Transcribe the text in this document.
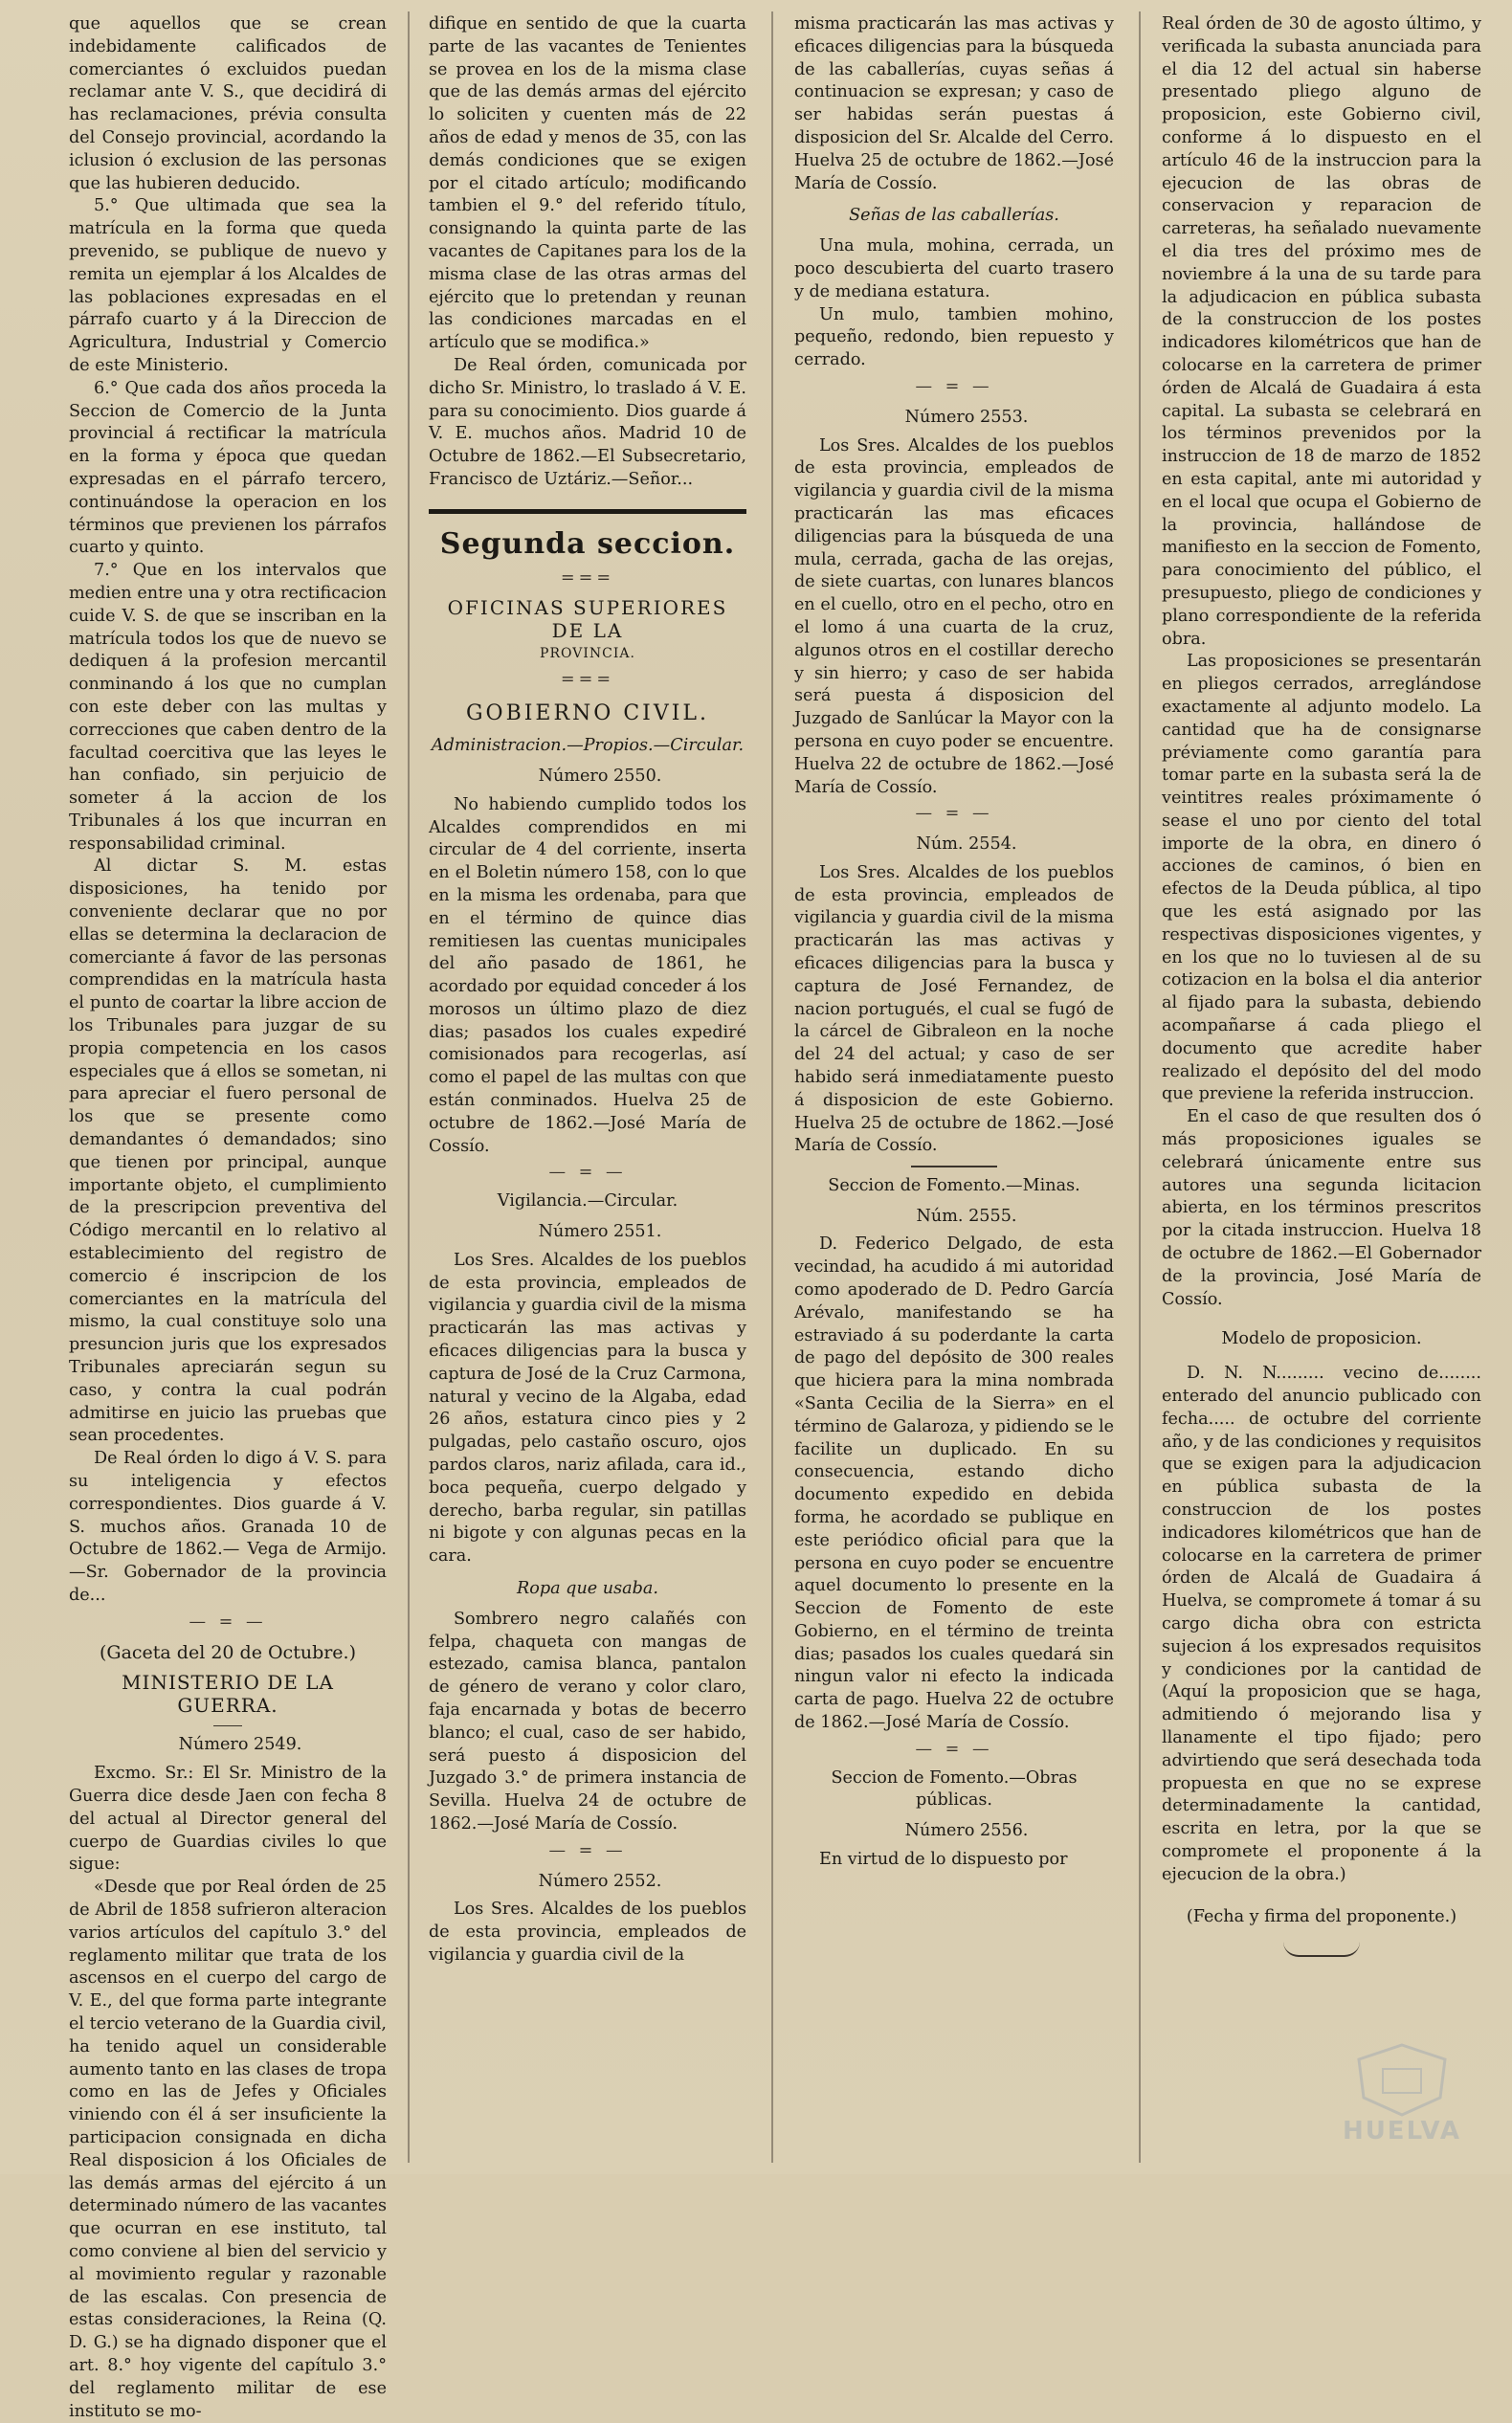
que aquellos que se crean indebidamente calificados de comerciantes ó excluidos puedan reclamar ante V. S., que decidirá di has reclamaciones, prévia consulta del Consejo provincial, acordando la iclusion ó exclusion de las personas que las hubieren deducido.

5.° Que ultimada que sea la matrícula en la forma que queda prevenido, se publique de nuevo y remita un ejemplar á los Alcaldes de las poblaciones expresadas en el párrafo cuarto y á la Direccion de Agricultura, Industrial y Comercio de este Ministerio.

6.° Que cada dos años proceda la Seccion de Comercio de la Junta provincial á rectificar la matrícula en la forma y época que quedan expresadas en el párrafo tercero, continuándose la operacion en los términos que previenen los párrafos cuarto y quinto.

7.° Que en los intervalos que medien entre una y otra rectificacion cuide V. S. de que se inscriban en la matrícula todos los que de nuevo se dediquen á la profesion mercantil conminando á los que no cumplan con este deber con las multas y correcciones que caben dentro de la facultad coercitiva que las leyes le han confiado, sin perjuicio de someter á la accion de los Tribunales á los que incurran en responsabilidad criminal.

Al dictar S. M. estas disposiciones, ha tenido por conveniente declarar que no por ellas se determina la declaracion de comerciante á favor de las personas comprendidas en la matrícula hasta el punto de coartar la libre accion de los Tribunales para juzgar de su propia competencia en los casos especiales que á ellos se sometan, ni para apreciar el fuero personal de los que se presente como demandantes ó demandados; sino que tienen por principal, aunque importante objeto, el cumplimiento de la prescripcion preventiva del Código mercantil en lo relativo al establecimiento del registro de comercio é inscripcion de los comerciantes en la matrícula del mismo, la cual constituye solo una presuncion juris que los expresados Tribunales apreciarán segun su caso, y contra la cual podrán admitirse en juicio las pruebas que sean procedentes.

De Real órden lo digo á V. S. para su inteligencia y efectos correspondientes. Dios guarde á V. S. muchos años. Granada 10 de Octubre de 1862.— Vega de Armijo.—Sr. Gobernador de la provincia de...

— = —
(Gaceta del 20 de Octubre.)
MINISTERIO DE LA GUERRA.

Número 2549.

Excmo. Sr.: El Sr. Ministro de la Guerra dice desde Jaen con fecha 8 del actual al Director general del cuerpo de Guardias civiles lo que sigue:

«Desde que por Real órden de 25 de Abril de 1858 sufrieron alteracion varios artículos del capítulo 3.° del reglamento militar que trata de los ascensos en el cuerpo del cargo de V. E., del que forma parte integrante el tercio veterano de la Guardia civil, ha tenido aquel un considerable aumento tanto en las clases de tropa como en las de Jefes y Oficiales viniendo con él á ser insuficiente la participacion consignada en dicha Real disposicion á los Oficiales de las demás armas del ejército á un determinado número de las vacantes que ocurran en ese instituto, tal como conviene al bien del servicio y al movimiento regular y razonable de las escalas. Con presencia de estas consideraciones, la Reina (Q. D. G.) se ha dignado disponer que el art. 8.° hoy vigente del capítulo 3.° del reglamento militar de ese instituto se mo-

difique en sentido de que la cuarta parte de las vacantes de Tenientes se provea en los de la misma clase que de las demás armas del ejército lo soliciten y cuenten más de 22 años de edad y menos de 35, con las demás condiciones que se exigen por el citado artículo; modificando tambien el 9.° del referido título, consignando la quinta parte de las vacantes de Capitanes para los de la misma clase de las otras armas del ejército que lo pretendan y reunan las condiciones marcadas en el artículo que se modifica.»

De Real órden, comunicada por dicho Sr. Ministro, lo traslado á V. E. para su conocimiento. Dios guarde á V. E. muchos años. Madrid 10 de Octubre de 1862.—El Subsecretario, Francisco de Uztáriz.—Señor...

Segunda seccion.
===
OFICINAS SUPERIORES DE LA
PROVINCIA.
===
GOBIERNO CIVIL.
Administracion.—Propios.—Circular.

Número 2550.

No habiendo cumplido todos los Alcaldes comprendidos en mi circular de 4 del corriente, inserta en el Boletin número 158, con lo que en la misma les ordenaba, para que en el término de quince dias remitiesen las cuentas municipales del año pasado de 1861, he acordado por equidad conceder á los morosos un último plazo de diez dias; pasados los cuales expediré comisionados para recogerlas, así como el papel de las multas con que están conminados. Huelva 25 de octubre de 1862.—José María de Cossío.

— = —
Vigilancia.—Circular.

Número 2551.

Los Sres. Alcaldes de los pueblos de esta provincia, empleados de vigilancia y guardia civil de la misma practicarán las mas activas y eficaces diligencias para la busca y captura de José de la Cruz Carmona, natural y vecino de la Algaba, edad 26 años, estatura cinco pies y 2 pulgadas, pelo castaño oscuro, ojos pardos claros, nariz afilada, cara id., boca pequeña, cuerpo delgado y derecho, barba regular, sin patillas ni bigote y con algunas pecas en la cara.

Ropa que usaba.

Sombrero negro calañés con felpa, chaqueta con mangas de estezado, camisa blanca, pantalon de género de verano y color claro, faja encarnada y botas de becerro blanco; el cual, caso de ser habido, será puesto á disposicion del Juzgado 3.° de primera instancia de Sevilla. Huelva 24 de octubre de 1862.—José María de Cossío.

— = —

Número 2552.

Los Sres. Alcaldes de los pueblos de esta provincia, empleados de vigilancia y guardia civil de la

misma practicarán las mas activas y eficaces diligencias para la búsqueda de las caballerías, cuyas señas á continuacion se expresan; y caso de ser habidas serán puestas á disposicion del Sr. Alcalde del Cerro. Huelva 25 de octubre de 1862.—José María de Cossío.

Señas de las caballerías.

Una mula, mohina, cerrada, un poco descubierta del cuarto trasero y de mediana estatura.

Un mulo, tambien mohino, pequeño, redondo, bien repuesto y cerrado.

— = —

Número 2553.

Los Sres. Alcaldes de los pueblos de esta provincia, empleados de vigilancia y guardia civil de la misma practicarán las mas eficaces diligencias para la búsqueda de una mula, cerrada, gacha de las orejas, de siete cuartas, con lunares blancos en el cuello, otro en el pecho, otro en el lomo á una cuarta de la cruz, algunos otros en el costillar derecho y sin hierro; y caso de ser habida será puesta á disposicion del Juzgado de Sanlúcar la Mayor con la persona en cuyo poder se encuentre. Huelva 22 de octubre de 1862.—José María de Cossío.

— = —

Núm. 2554.

Los Sres. Alcaldes de los pueblos de esta provincia, empleados de vigilancia y guardia civil de la misma practicarán las mas activas y eficaces diligencias para la busca y captura de José Fernandez, de nacion portugués, el cual se fugó de la cárcel de Gibraleon en la noche del 24 del actual; y caso de ser habido será inmediatamente puesto á disposicion de este Gobierno. Huelva 25 de octubre de 1862.—José María de Cossío.

Seccion de Fomento.—Minas.

Núm. 2555.

D. Federico Delgado, de esta vecindad, ha acudido á mi autoridad como apoderado de D. Pedro García Arévalo, manifestando se ha estraviado á su poderdante la carta de pago del depósito de 300 reales que hiciera para la mina nombrada «Santa Cecilia de la Sierra» en el término de Galaroza, y pidiendo se le facilite un duplicado. En su consecuencia, estando dicho documento expedido en debida forma, he acordado se publique en este periódico oficial para que la persona en cuyo poder se encuentre aquel documento lo presente en la Seccion de Fomento de este Gobierno, en el término de treinta dias; pasados los cuales quedará sin ningun valor ni efecto la indicada carta de pago. Huelva 22 de octubre de 1862.—José María de Cossío.

— = —
Seccion de Fomento.—Obras públicas.

Número 2556.

En virtud de lo dispuesto por

Real órden de 30 de agosto último, y verificada la subasta anunciada para el dia 12 del actual sin haberse presentado pliego alguno de proposicion, este Gobierno civil, conforme á lo dispuesto en el artículo 46 de la instruccion para la ejecucion de las obras de conservacion y reparacion de carreteras, ha señalado nuevamente el dia tres del próximo mes de noviembre á la una de su tarde para la adjudicacion en pública subasta de la construccion de los postes indicadores kilométricos que han de colocarse en la carretera de primer órden de Alcalá de Guadaira á esta capital. La subasta se celebrará en los términos prevenidos por la instruccion de 18 de marzo de 1852 en esta capital, ante mi autoridad y en el local que ocupa el Gobierno de la provincia, hallándose de manifiesto en la seccion de Fomento, para conocimiento del público, el presupuesto, pliego de condiciones y plano correspondiente de la referida obra.

Las proposiciones se presentarán en pliegos cerrados, arreglándose exactamente al adjunto modelo. La cantidad que ha de consignarse préviamente como garantía para tomar parte en la subasta será la de veintitres reales próximamente ó sease el uno por ciento del total importe de la obra, en dinero ó acciones de caminos, ó bien en efectos de la Deuda pública, al tipo que les está asignado por las respectivas disposiciones vigentes, y en los que no lo tuviesen al de su cotizacion en la bolsa el dia anterior al fijado para la subasta, debiendo acompañarse á cada pliego el documento que acredite haber realizado el depósito del del modo que previene la referida instruccion.

En el caso de que resulten dos ó más proposiciones iguales se celebrará únicamente entre sus autores una segunda licitacion abierta, en los términos prescritos por la citada instruccion. Huelva 18 de octubre de 1862.—El Gobernador de la provincia, José María de Cossío.

Modelo de proposicion.

D. N. N......... vecino de........ enterado del anuncio publicado con fecha..... de octubre del corriente año, y de las condiciones y requisitos que se exigen para la adjudicacion en pública subasta de la construccion de los postes indicadores kilométricos que han de colocarse en la carretera de primer órden de Alcalá de Guadaira á Huelva, se compromete á tomar á su cargo dicha obra con estricta sujecion á los expresados requisitos y condiciones por la cantidad de (Aquí la proposicion que se haga, admitiendo ó mejorando lisa y llanamente el tipo fijado; pero advirtiendo que será desechada toda propuesta en que no se exprese determinadamente la cantidad, escrita en letra, por la que se compromete el proponente á la ejecucion de la obra.)

(Fecha y firma del proponente.)
HUELVA
